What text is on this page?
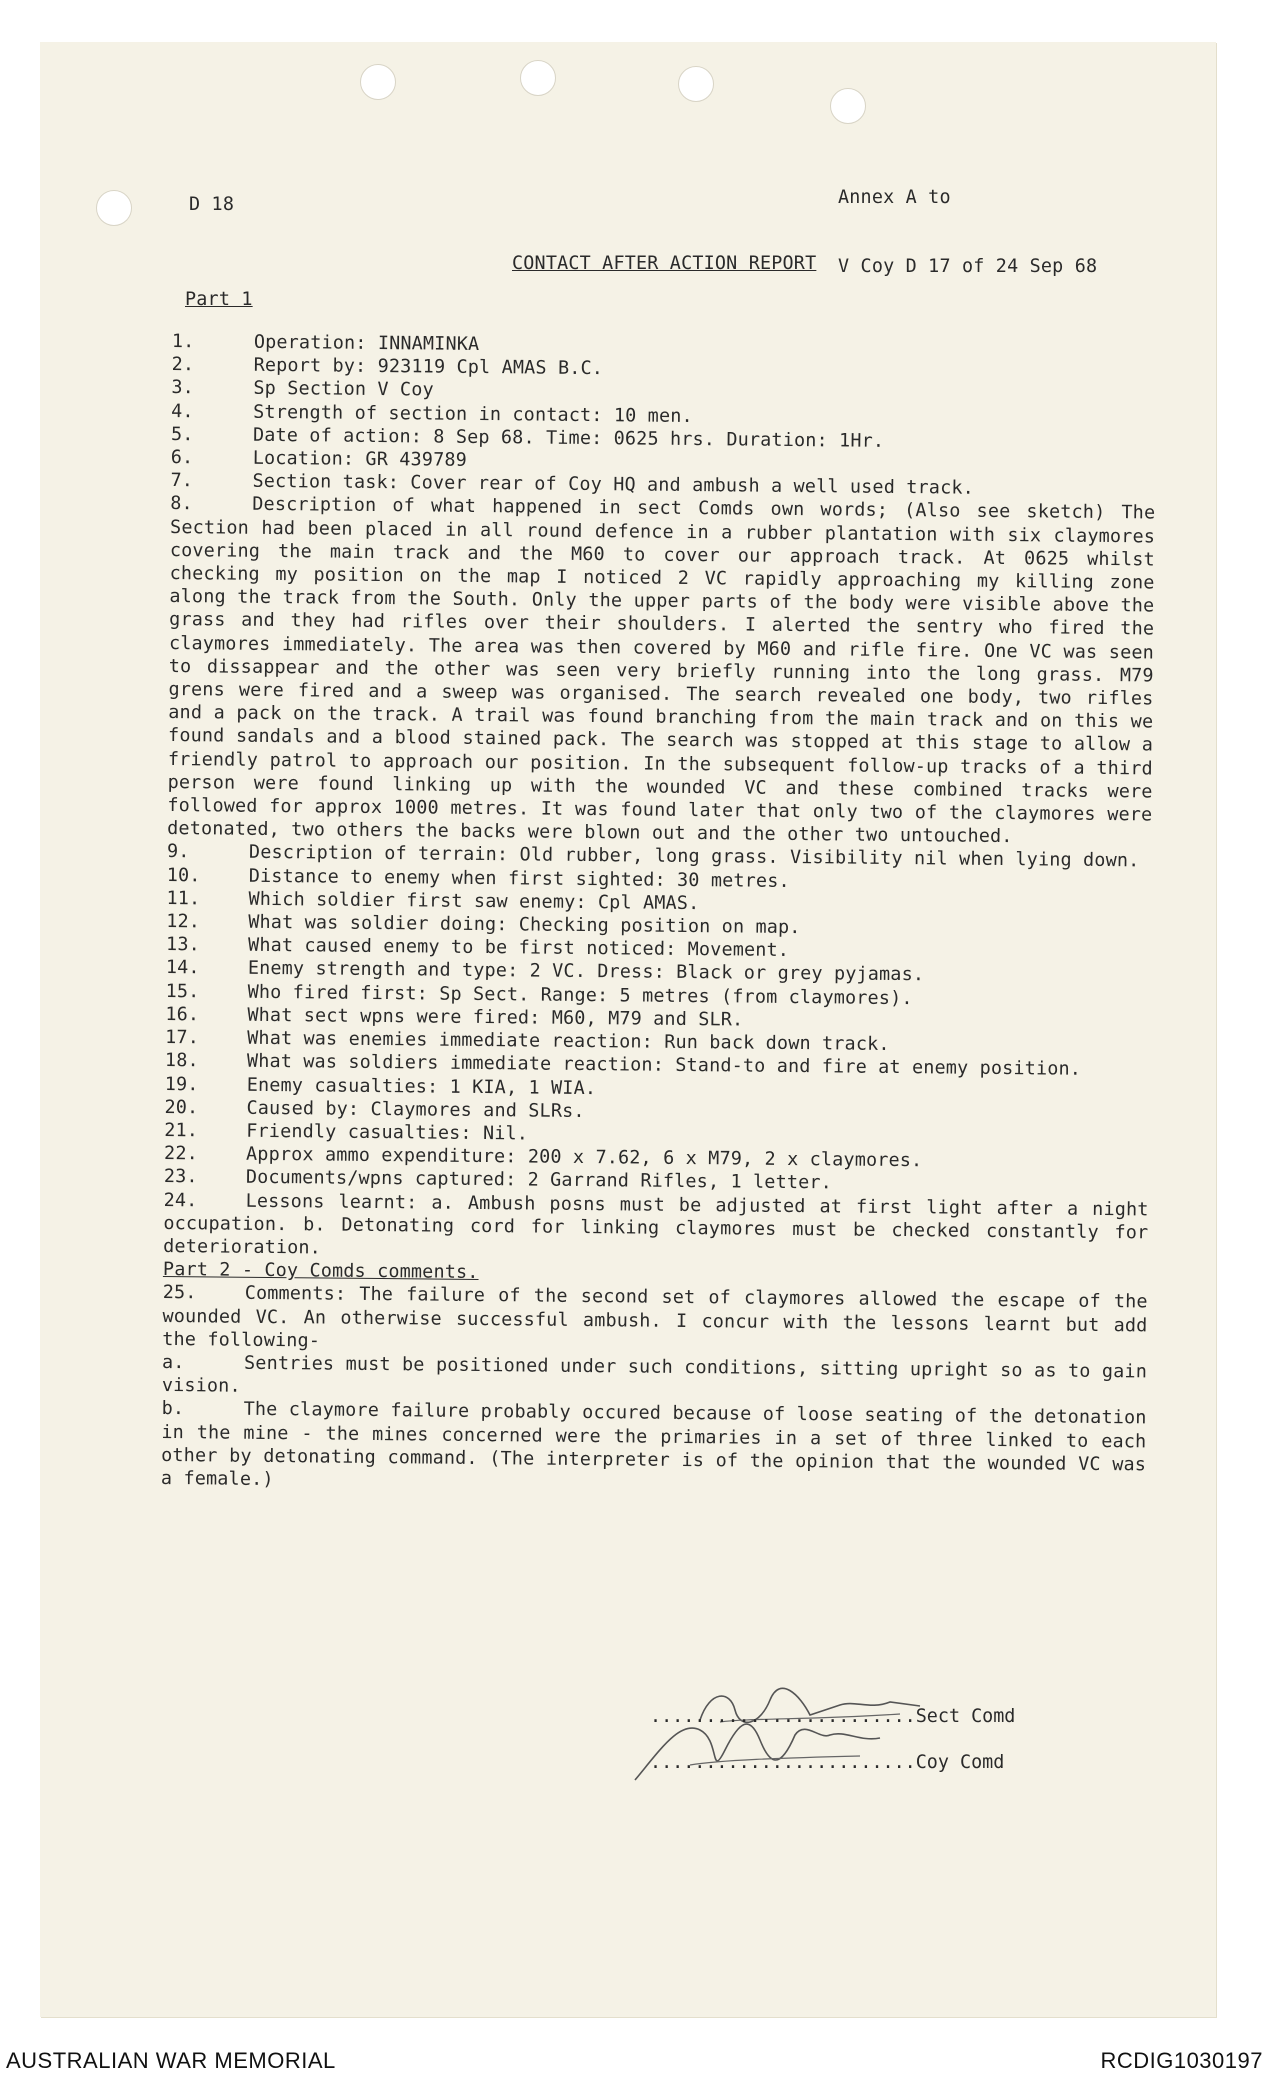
Annex A to

V Coy D 17 of 24 Sep 68

D 18
CONTACT AFTER ACTION REPORT
Part 1
1.	Operation: INNAMINKA
2.	Report by: 923119 Cpl AMAS B.C.
3.	Sp Section V Coy
4.	Strength of section in contact: 10 men.
5.	Date of action: 8 Sep 68. Time: 0625 hrs. Duration: 1Hr.
6.	Location: GR 439789
7.	Section task: Cover rear of Coy HQ and ambush a well used track.
8.	Description of what happened in sect Comds own words; (Also see sketch) The Section had been placed in all round defence in a rubber plantation with six claymores covering the main track and the M60 to cover our approach track. At 0625 whilst checking my position on the map I noticed 2 VC rapidly approaching my killing zone along the track from the South. Only the upper parts of the body were visible above the grass and they had rifles over their shoulders. I alerted the sentry who fired the claymores immediately. The area was then covered by M60 and rifle fire. One VC was seen to dissappear and the other was seen very briefly running into the long grass. M79 grens were fired and a sweep was organised. The search revealed one body, two rifles and a pack on the track. A trail was found branching from the main track and on this we found sandals and a blood stained pack. The search was stopped at this stage to allow a friendly patrol to approach our position. In the subsequent follow-up tracks of a third person were found linking up with the wounded VC and these combined tracks were followed for approx 1000 metres. It was found later that only two of the claymores were detonated, two others the backs were blown out and the other two untouched.
9.	Description of terrain: Old rubber, long grass. Visibility nil when lying down.
10.	Distance to enemy when first sighted: 30 metres.
11.	Which soldier first saw enemy: Cpl AMAS.
12.	What was soldier doing: Checking position on map.
13.	What caused enemy to be first noticed: Movement.
14.	Enemy strength and type: 2 VC. Dress: Black or grey pyjamas.
15.	Who fired first: Sp Sect. Range: 5 metres (from claymores).
16.	What sect wpns were fired: M60, M79 and SLR.
17.	What was enemies immediate reaction: Run back down track.
18.	What was soldiers immediate reaction: Stand-to and fire at enemy position.
19.	Enemy casualties: 1 KIA, 1 WIA.
20.	Caused by: Claymores and SLRs.
21.	Friendly casualties: Nil.
22.	Approx ammo expenditure: 200 x 7.62, 6 x M79, 2 x claymores.
23.	Documents/wpns captured: 2 Garrand Rifles, 1 letter.
24.	Lessons learnt: a. Ambush posns must be adjusted at first light after a night occupation. b. Detonating cord for linking claymores must be checked constantly for deterioration.
Part 2 - Coy Comds comments.
25.	Comments: The failure of the second set of claymores allowed the escape of the wounded VC. An otherwise successful ambush. I concur with the lessons learnt but add the following-
a.	Sentries must be positioned under such conditions, sitting upright so as to gain vision.
b.	The claymore failure probably occured because of loose seating of the detonation in the mine - the mines concerned were the primaries in a set of three linked to each other by detonating command. (The interpreter is of the opinion that the wounded VC was a female.)
........................Sect Comd
........................Coy Comd
AUSTRALIAN WAR MEMORIAL	RCDIG1030197
